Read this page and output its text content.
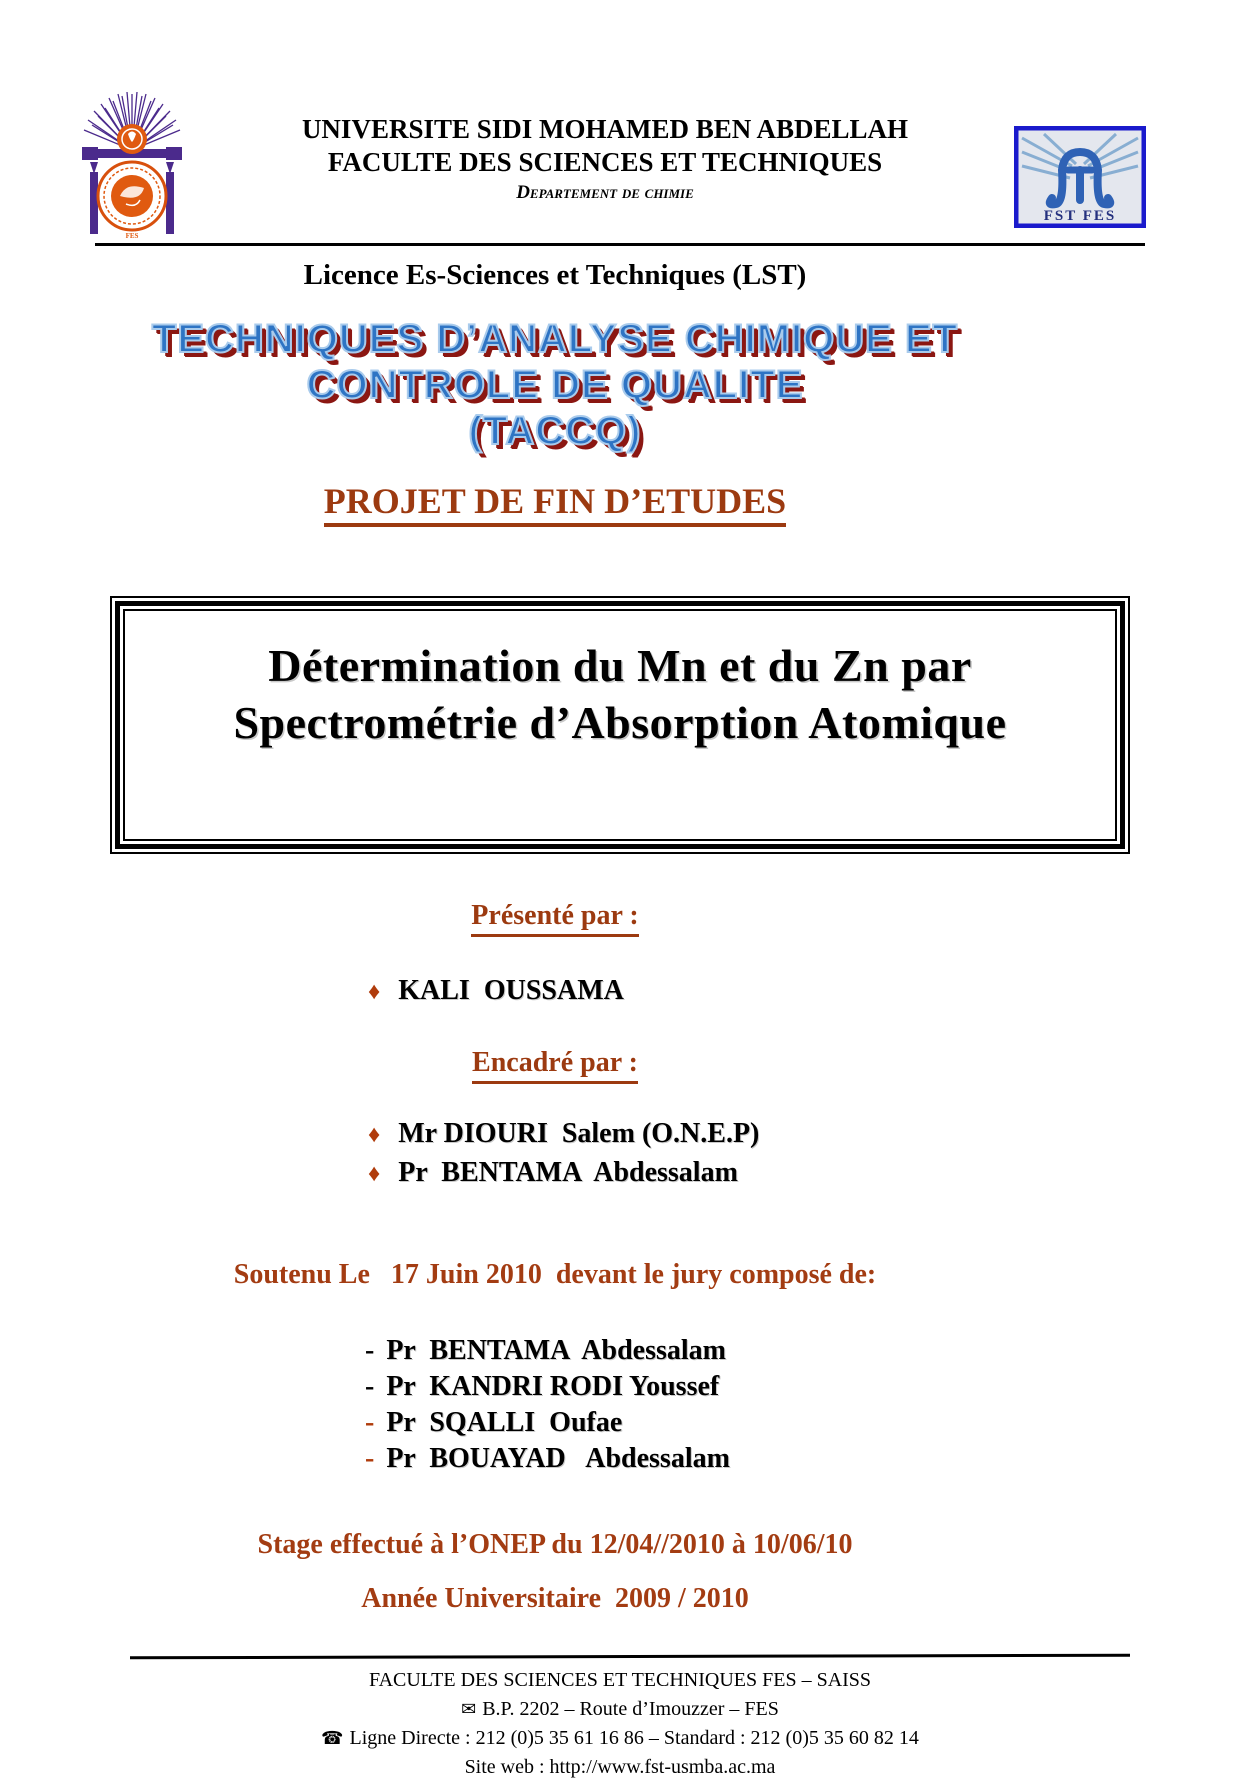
FES
UNIVERSITE SIDI MOHAMED BEN ABDELLAH
FACULTE DES SCIENCES ET TECHNIQUES
Departement de chimie
FST FES
Licence Es-Sciences et Techniques (LST)
TECHNIQUES D’ANALYSE CHIMIQUE ET
CONTROLE DE QUALITE
(TACCQ)
PROJET DE FIN D’ETUDES
Détermination du Mn et du Zn par
Spectrométrie d’Absorption Atomique
Présenté par :
♦ KALI  OUSSAMA
Encadré par :
♦ Mr DIOURI  Salem (O.N.E.P)
♦ Pr  BENTAMA  Abdessalam
Soutenu Le   17 Juin 2010  devant le jury composé de:
- Pr  BENTAMA  Abdessalam
- Pr  KANDRI RODI Youssef
- Pr  SQALLI  Oufae
- Pr  BOUAYAD   Abdessalam
Stage effectué à l’ONEP du 12/04//2010 à 10/06/10
Année Universitaire  2009 / 2010
FACULTE DES SCIENCES ET TECHNIQUES FES – SAISS
✉ B.P. 2202 – Route d’Imouzzer – FES
☎ Ligne Directe : 212 (0)5 35 61 16 86 – Standard : 212 (0)5 35 60 82 14
Site web : http://www.fst-usmba.ac.ma
